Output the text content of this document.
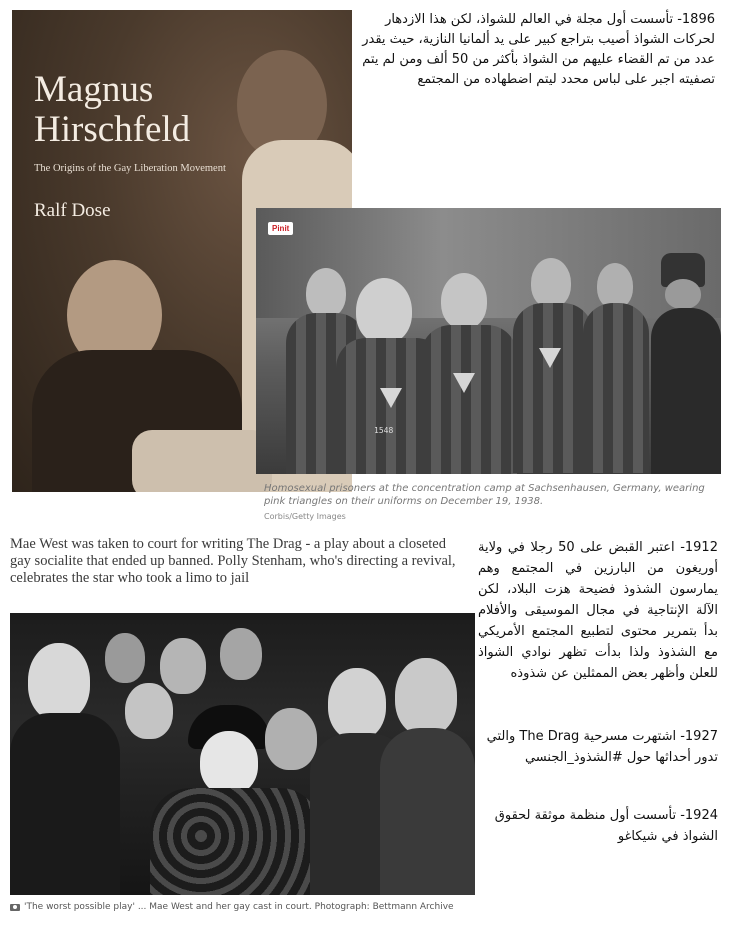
Magnus Hirschfeld
The Origins of the Gay Liberation Movement
Ralf Dose
1896- تأسست أول مجلة في العالم للشواذ، لكن هذا الازدهار لحركات الشواذ أصيب بتراجع كبير على يد ألمانيا النازية، حيث يقدر عدد من تم القضاء عليهم من الشواذ بأكثر من 50 ألف ومن لم يتم تصفيته اجبر على لباس محدد ليتم اضطهاده من المجتمع
Pinit
1548
Homosexual prisoners at the concentration camp at Sachsenhausen, Germany, wearing pink triangles on their uniforms on December 19, 1938.
Corbis/Getty Images
Mae West was taken to court for writing The Drag - a play about a closeted gay socialite that ended up banned. Polly Stenham, who's directing a revival, celebrates the star who took a limo to jail
'The worst possible play' ... Mae West and her gay cast in court. Photograph: Bettmann Archive
1912- اعتبر القبض على 50 رجلا في ولاية أوريغون من البارزين في المجتمع وهم يمارسون الشذوذ فضيحة هزت البلاد، لكن الآلة الإنتاجية في مجال الموسيقى والأفلام بدأ بتمرير محتوى لتطبيع المجتمع الأمريكي مع الشذوذ ولذا بدأت تظهر نوادي الشواذ للعلن وأظهر بعض الممثلين عن شذوذه
1927- اشتهرت مسرحية The Drag والتي تدور أحداثها حول #الشذوذ_الجنسي
1924- تأسست أول منظمة موثقة لحقوق الشواذ في شيكاغو
